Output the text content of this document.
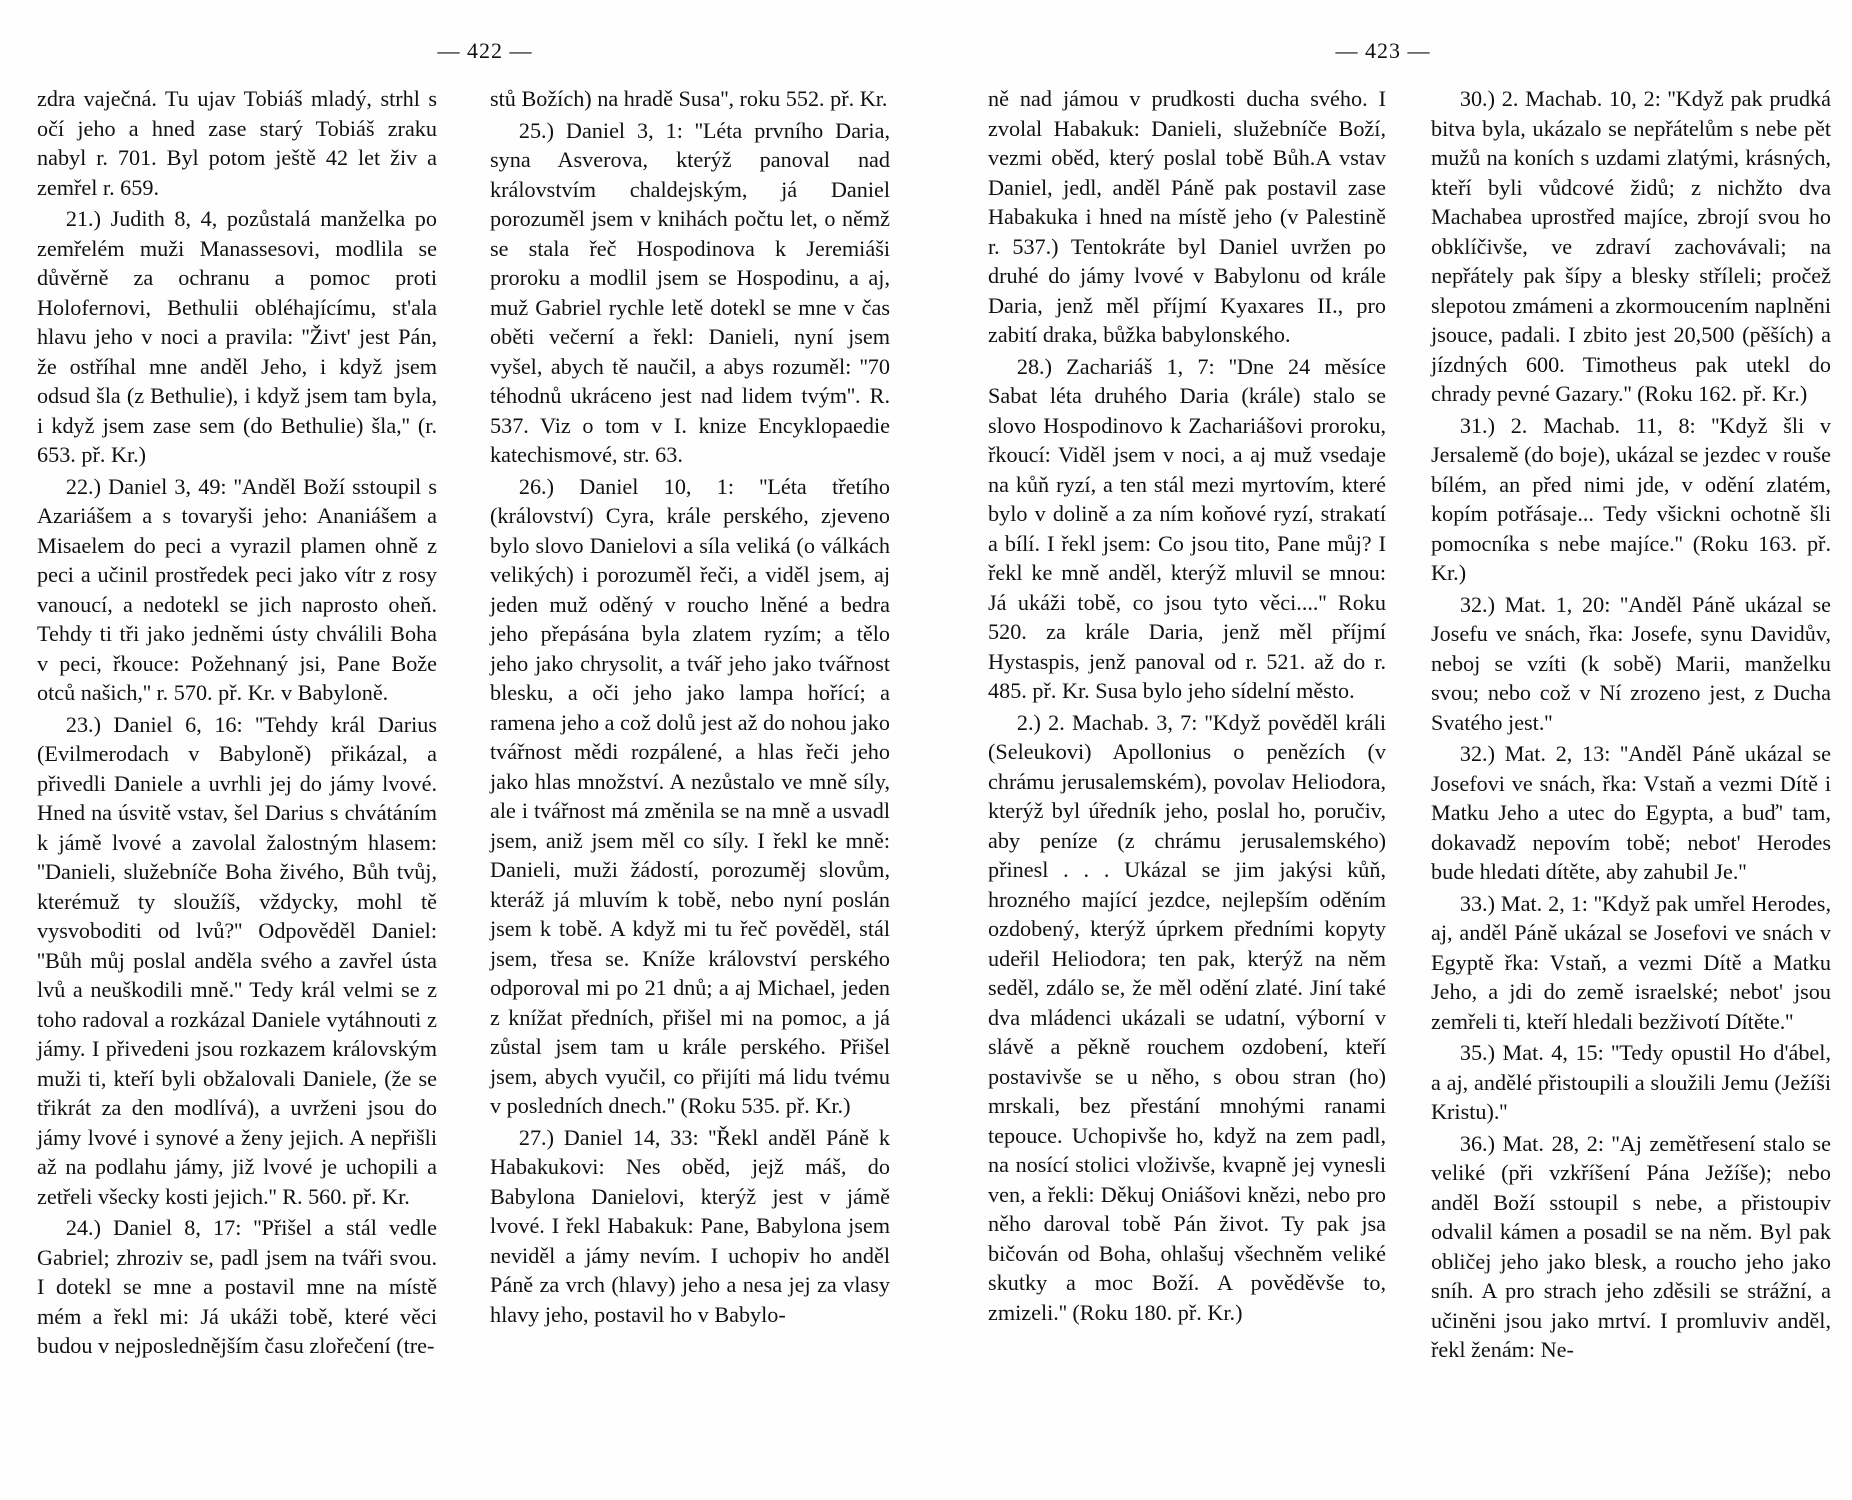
— 422 —

zdra vaječná. Tu ujav Tobiáš mladý, strhl s očí jeho a hned zase starý Tobiáš zraku nabyl r. 701. Byl potom ještě 42 let živ a zemřel r. 659.

21.) Judith 8, 4, pozůstalá manželka po zemřelém muži Manassesovi, modlila se důvěrně za ochranu a pomoc proti Holofernovi, Bethulii obléhajícímu, st'ala hlavu jeho v noci a pravila: ''Živt' jest Pán, že ostříhal mne anděl Jeho, i když jsem odsud šla (z Bethulie), i když jsem tam byla, i když jsem zase sem (do Bethulie) šla,'' (r. 653. př. Kr.)

22.) Daniel 3, 49: ''Anděl Boží sstoupil s Azariášem a s tovaryši jeho: Ananiášem a Misaelem do peci a vyrazil plamen ohně z peci a učinil prostředek peci jako vítr z rosy vanoucí, a nedotekl se jich naprosto oheň. Tehdy ti tři jako jedněmi ústy chválili Boha v peci, řkouce: Požehnaný jsi, Pane Bože otců našich,'' r. 570. př. Kr. v Babyloně.

23.) Daniel 6, 16: ''Tehdy král Darius (Evilmerodach v Babyloně) přikázal, a přivedli Daniele a uvrhli jej do jámy lvové. Hned na úsvitě vstav, šel Darius s chvátáním k jámě lvové a zavolal žalostným hlasem: ''Danieli, služebníče Boha živého, Bůh tvůj, kterémuž ty sloužíš, vždycky, mohl tě vysvoboditi od lvů?'' Odpověděl Daniel: ''Bůh můj poslal anděla svého a zavřel ústa lvů a neuškodili mně.'' Tedy král velmi se z toho radoval a rozkázal Daniele vytáhnouti z jámy. I přivedeni jsou rozkazem královským muži ti, kteří byli obžalovali Daniele, (že se třikrát za den modlívá), a uvrženi jsou do jámy lvové i synové a ženy jejich. A nepřišli až na podlahu jámy, již lvové je uchopili a zetřeli všecky kosti jejich.'' R. 560. př. Kr.

24.) Daniel 8, 17: ''Přišel a stál vedle Gabriel; zhroziv se, padl jsem na tváři svou. I dotekl se mne a postavil mne na místě mém a řekl mi: Já ukáži tobě, které věci budou v nejposlednějším času zlořečení (tre-

stů Božích) na hradě Susa'', roku 552. př. Kr.

25.) Daniel 3, 1: ''Léta prvního Daria, syna Asverova, kterýž panoval nad královstvím chaldejským, já Daniel porozuměl jsem v knihách počtu let, o němž se stala řeč Hospodinova k Jeremiáši proroku a modlil jsem se Hospodinu, a aj, muž Gabriel rychle letě dotekl se mne v čas oběti večerní a řekl: Danieli, nyní jsem vyšel, abych tě naučil, a abys rozuměl: ''70 téhodnů ukráceno jest nad lidem tvým''. R. 537. Viz o tom v I. knize Encyklopaedie katechismové, str. 63.

26.) Daniel 10, 1: ''Léta třetího (království) Cyra, krále perského, zjeveno bylo slovo Danielovi a síla veliká (o válkách velikých) i porozuměl řeči, a viděl jsem, aj jeden muž oděný v roucho lněné a bedra jeho přepásána byla zlatem ryzím; a tělo jeho jako chrysolit, a tvář jeho jako tvářnost blesku, a oči jeho jako lampa hořící; a ramena jeho a což dolů jest až do nohou jako tvářnost mědi rozpálené, a hlas řeči jeho jako hlas množství. A nezůstalo ve mně síly, ale i tvářnost má změnila se na mně a usvadl jsem, aniž jsem měl co síly. I řekl ke mně: Danieli, muži žádostí, porozuměj slovům, kteráž já mluvím k tobě, nebo nyní poslán jsem k tobě. A když mi tu řeč pověděl, stál jsem, třesa se. Kníže království perského odporoval mi po 21 dnů; a aj Michael, jeden z knížat předních, přišel mi na pomoc, a já zůstal jsem tam u krále perského. Přišel jsem, abych vyučil, co přijíti má lidu tvému v posledních dnech.'' (Roku 535. př. Kr.)

27.) Daniel 14, 33: ''Řekl anděl Páně k Habakukovi: Nes oběd, jejž máš, do Babylona Danielovi, kterýž jest v jámě lvové. I řekl Habakuk: Pane, Babylona jsem neviděl a jámy nevím. I uchopiv ho anděl Páně za vrch (hlavy) jeho a nesa jej za vlasy hlavy jeho, postavil ho v Babylo-

— 423 —

ně nad jámou v prudkosti ducha svého. I zvolal Habakuk: Danieli, služebníče Boží, vezmi oběd, který poslal tobě Bůh.A vstav Daniel, jedl, anděl Páně pak postavil zase Habakuka i hned na místě jeho (v Palestině r. 537.) Tentokráte byl Daniel uvržen po druhé do jámy lvové v Babylonu od krále Daria, jenž měl příjmí Kyaxares II., pro zabití draka, bůžka babylonského.

28.) Zachariáš 1, 7: ''Dne 24 měsíce Sabat léta druhého Daria (krále) stalo se slovo Hospodinovo k Zachariášovi proroku, řkoucí: Viděl jsem v noci, a aj muž vsedaje na kůň ryzí, a ten stál mezi myrtovím, které bylo v dolině a za ním koňové ryzí, strakatí a bílí. I řekl jsem: Co jsou tito, Pane můj? I řekl ke mně anděl, kterýž mluvil se mnou: Já ukáži tobě, co jsou tyto věci....'' Roku 520. za krále Daria, jenž měl příjmí Hystaspis, jenž panoval od r. 521. až do r. 485. př. Kr. Susa bylo jeho sídelní město.

2.) 2. Machab. 3, 7: ''Když pověděl králi (Seleukovi) Apollonius o penězích (v chrámu jerusalemském), povolav Heliodora, kterýž byl úředník jeho, poslal ho, poručiv, aby peníze (z chrámu jerusalemského) přinesl . . . Ukázal se jim jakýsi kůň, hrozného mající jezdce, nejlepším oděním ozdobený, kterýž úprkem předními kopyty udeřil Heliodora; ten pak, kterýž na něm seděl, zdálo se, že měl odění zlaté. Jiní také dva mládenci ukázali se udatní, výborní v slávě a pěkně rouchem ozdobení, kteří postavivše se u něho, s obou stran (ho) mrskali, bez přestání mnohými ranami tepouce. Uchopivše ho, když na zem padl, na nosící stolici vloživše, kvapně jej vynesli ven, a řekli: Děkuj Oniášovi knězi, nebo pro něho daroval tobě Pán život. Ty pak jsa bičován od Boha, ohlašuj všechněm veliké skutky a moc Boží. A pověděvše to, zmizeli.'' (Roku 180. př. Kr.)

30.) 2. Machab. 10, 2: ''Když pak prudká bitva byla, ukázalo se nepřátelům s nebe pět mužů na koních s uzdami zlatými, krásných, kteří byli vůdcové židů; z nichžto dva Machabea uprostřed majíce, zbrojí svou ho obklíčivše, ve zdraví zachovávali; na nepřátely pak šípy a blesky stříleli; pročež slepotou zmámeni a zkormoucením naplněni jsouce, padali. I zbito jest 20,500 (pěších) a jízdných 600. Timotheus pak utekl do chrady pevné Gazary.'' (Roku 162. př. Kr.)

31.) 2. Machab. 11, 8: ''Když šli v Jersalemě (do boje), ukázal se jezdec v rouše bílém, an před nimi jde, v odění zlatém, kopím potřásaje... Tedy všickni ochotně šli pomocníka s nebe majíce.'' (Roku 163. př. Kr.)

32.) Mat. 1, 20: ''Anděl Páně ukázal se Josefu ve snách, řka: Josefe, synu Davidův, neboj se vzíti (k sobě) Marii, manželku svou; nebo což v Ní zrozeno jest, z Ducha Svatého jest.''

32.) Mat. 2, 13: ''Anděl Páně ukázal se Josefovi ve snách, řka: Vstaň a vezmi Dítě i Matku Jeho a utec do Egypta, a buď' tam, dokavadž nepovím tobě; nebot' Herodes bude hledati dítěte, aby zahubil Je.''

33.) Mat. 2, 1: ''Když pak umřel Herodes, aj, anděl Páně ukázal se Josefovi ve snách v Egyptě řka: Vstaň, a vezmi Dítě a Matku Jeho, a jdi do země israelské; nebot' jsou zemřeli ti, kteří hledali bezživotí Dítěte.''

35.) Mat. 4, 15: ''Tedy opustil Ho d'ábel, a aj, andělé přistoupili a sloužili Jemu (Ježíši Kristu).''

36.) Mat. 28, 2: ''Aj zemětřesení stalo se veliké (při vzkříšení Pána Ježíše); nebo anděl Boží sstoupil s nebe, a přistoupiv odvalil kámen a posadil se na něm. Byl pak obličej jeho jako blesk, a roucho jeho jako sníh. A pro strach jeho zděsili se strážní, a učiněni jsou jako mrtví. I promluviv anděl, řekl ženám: Ne-
